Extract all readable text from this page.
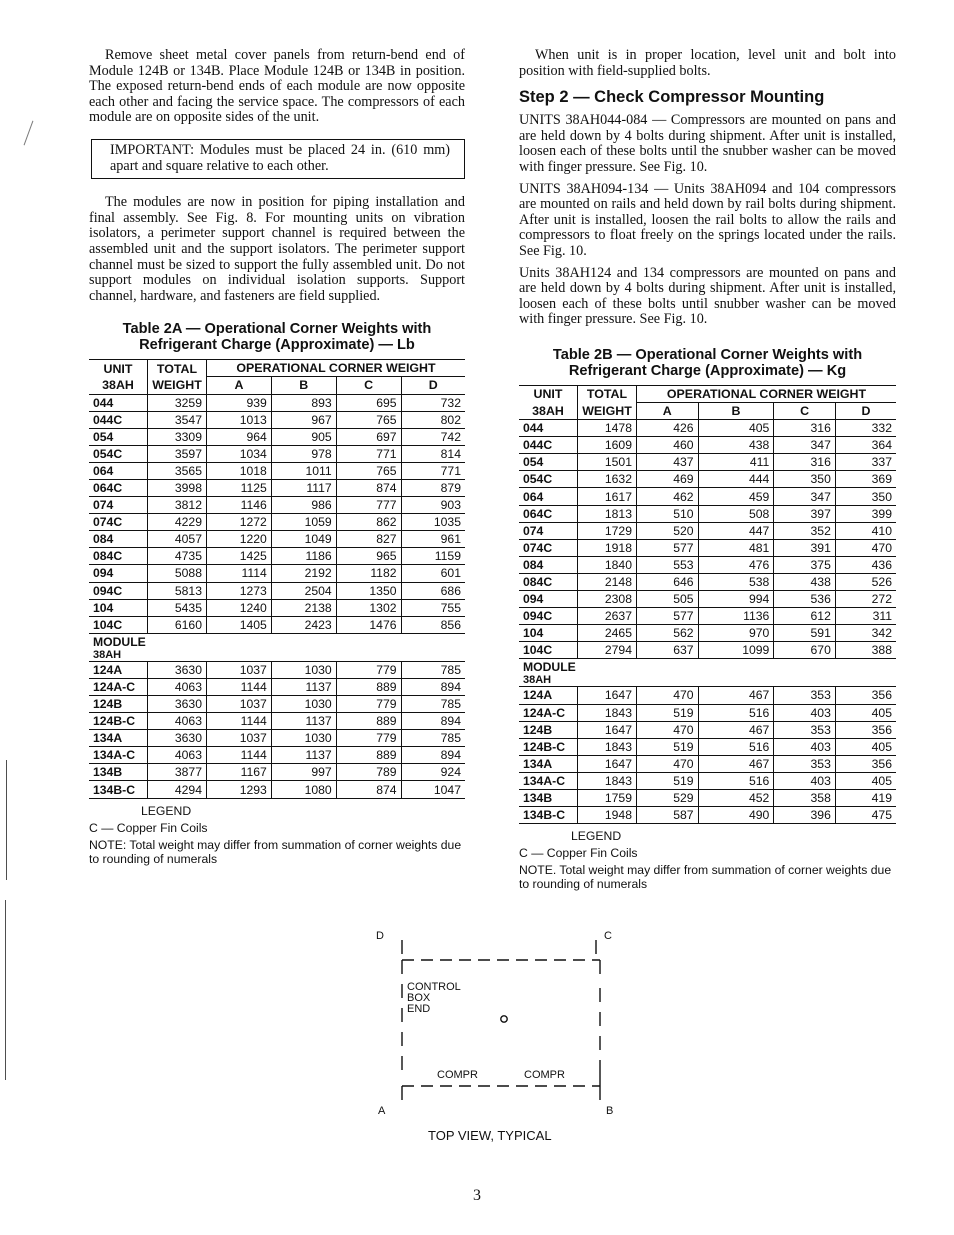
Remove sheet metal cover panels from return-bend end of Module 124B or 134B. Place Module 124B or 134B in position. The exposed return-bend ends of each module are now opposite each other and facing the service space. The compressors of each module are on opposite sides of the unit.

IMPORTANT: Modules must be placed 24 in. (610 mm) apart and square relative to each other.

The modules are now in position for piping installation and final assembly. See Fig. 8. For mounting units on vibration isolators, a perimeter support channel is required between the assembled unit and the support isolators. The perimeter support channel must be sized to support the fully assembled unit. Do not support modules on individual isolation supports. Support channel, hardware, and fasteners are field supplied.

Table 2A — Operational Corner Weights with
Refrigerant Charge (Approximate) — Lb
UNIT	TOTAL	OPERATIONAL CORNER WEIGHT			
38AH	WEIGHT	A	B	C	D
044	3259	939	893	695	732
044C	3547	1013	967	765	802
054	3309	964	905	697	742
054C	3597	1034	978	771	814
064	3565	1018	1011	765	771
064C	3998	1125	1117	874	879
074	3812	1146	986	777	903
074C	4229	1272	1059	862	1035
084	4057	1220	1049	827	961
084C	4735	1425	1186	965	1159
094	5088	1114	2192	1182	601
094C	5813	1273	2504	1350	686
104	5435	1240	2138	1302	755
104C	6160	1405	2423	1476	856
MODULE					
38AH					
124A	3630	1037	1030	779	785
124A-C	4063	1144	1137	889	894
124B	3630	1037	1030	779	785
124B-C	4063	1144	1137	889	894
134A	3630	1037	1030	779	785
134A-C	4063	1144	1137	889	894
134B	3877	1167	997	789	924
134B-C	4294	1293	1080	874	1047
LEGEND
C — Copper Fin Coils
NOTE: Total weight may differ from summation of corner weights due to rounding of numerals

When unit is in proper location, level unit and bolt into position with field-supplied bolts.

Step 2 — Check Compressor Mounting

UNITS 38AH044-084 — Compressors are mounted on pans and are held down by 4 bolts during shipment. After unit is installed, loosen each of these bolts until the snubber washer can be moved with finger pressure. See Fig. 10.

UNITS 38AH094-134 — Units 38AH094 and 104 compressors are mounted on rails and held down by rail bolts during shipment. After unit is installed, loosen the rail bolts to allow the rails and compressors to float freely on the springs located under the rails. See Fig. 10.

Units 38AH124 and 134 compressors are mounted on pans and are held down by 4 bolts during shipment. After unit is installed, loosen each of these bolts until snubber washer can be moved with finger pressure. See Fig. 10.

Table 2B — Operational Corner Weights with
Refrigerant Charge (Approximate) — Kg
UNIT	TOTAL	OPERATIONAL CORNER WEIGHT			
38AH	WEIGHT	A	B	C	D
044	1478	426	405	316	332
044C	1609	460	438	347	364
054	1501	437	411	316	337
054C	1632	469	444	350	369
064	1617	462	459	347	350
064C	1813	510	508	397	399
074	1729	520	447	352	410
074C	1918	577	481	391	470
084	1840	553	476	375	436
084C	2148	646	538	438	526
094	2308	505	994	536	272
094C	2637	577	1136	612	311
104	2465	562	970	591	342
104C	2794	637	1099	670	388
MODULE					
38AH					
124A	1647	470	467	353	356
124A-C	1843	519	516	403	405
124B	1647	470	467	353	356
124B-C	1843	519	516	403	405
134A	1647	470	467	353	356
134A-C	1843	519	516	403	405
134B	1759	529	452	358	419
134B-C	1948	587	490	396	475
LEGEND
C — Copper Fin Coils
NOTE. Total weight may differ from summation of corner weights due to rounding of numerals
D	C
CONTROL
BOX
END
COMPR	COMPR
A	B
TOP VIEW, TYPICAL
3
